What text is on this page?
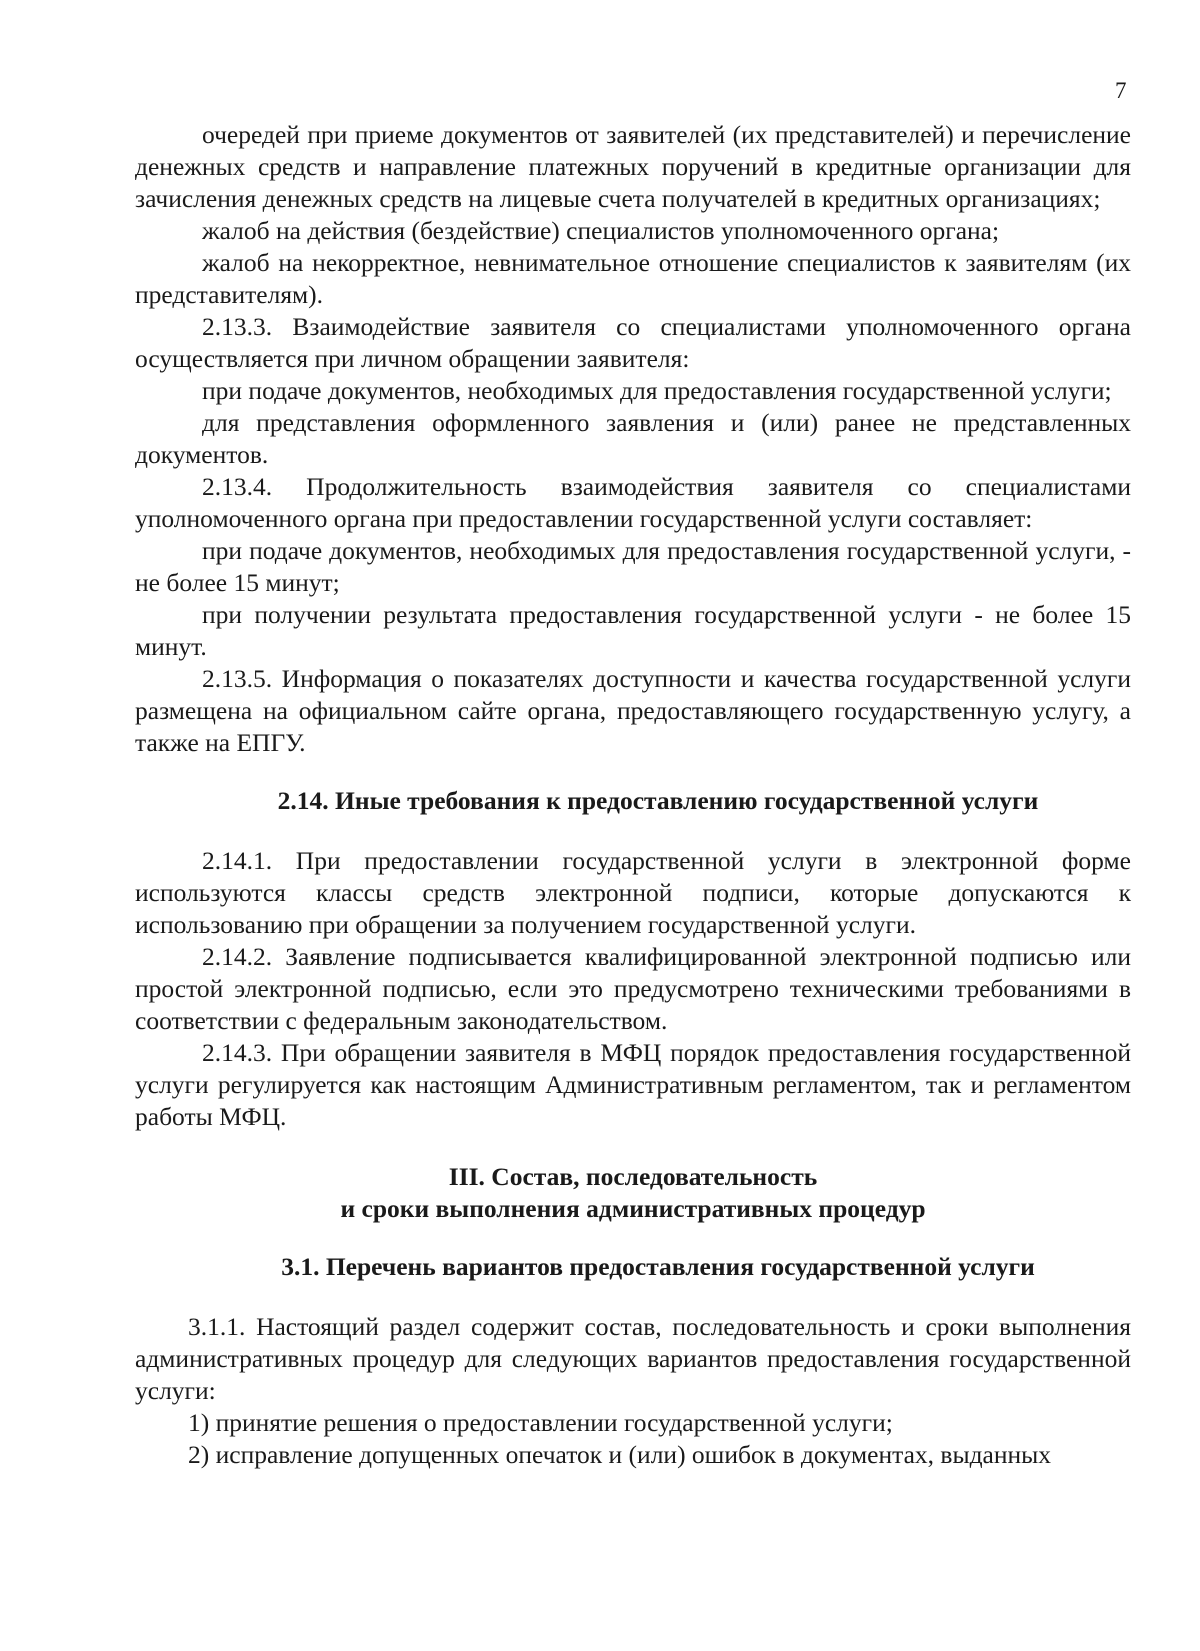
7

очередей при приеме документов от заявителей (их представителей) и перечисление денежных средств и направление платежных поручений в кредитные организации для зачисления денежных средств на лицевые счета получателей в кредитных организациях;

жалоб на действия (бездействие) специалистов уполномоченного органа;

жалоб на некорректное, невнимательное отношение специалистов к заявителям (их представителям).

2.13.3. Взаимодействие заявителя со специалистами уполномоченного органа осуществляется при личном обращении заявителя:

при подаче документов, необходимых для предоставления государственной услуги;

для представления оформленного заявления и (или) ранее не представленных документов.

2.13.4. Продолжительность взаимодействия заявителя со специалистами уполномоченного органа при предоставлении государственной услуги составляет:

при подаче документов, необходимых для предоставления государственной услуги, - не более 15 минут;

при получении результата предоставления государственной услуги - не более 15 минут.

2.13.5. Информация о показателях доступности и качества государственной услуги размещена на официальном сайте органа, предоставляющего государственную услугу, а также на ЕПГУ.

2.14. Иные требования к предоставлению государственной услуги

2.14.1. При предоставлении государственной услуги в электронной форме используются классы средств электронной подписи, которые допускаются к использованию при обращении за получением государственной услуги.

2.14.2. Заявление подписывается квалифицированной электронной подписью или простой электронной подписью, если это предусмотрено техническими требованиями в соответствии с федеральным законодательством.

2.14.3. При обращении заявителя в МФЦ порядок предоставления государственной услуги регулируется как настоящим Административным регламентом, так и регламентом работы МФЦ.

III. Состав, последовательность

и сроки выполнения административных процедур

3.1. Перечень вариантов предоставления государственной услуги

3.1.1. Настоящий раздел содержит состав, последовательность и сроки выполнения административных процедур для следующих вариантов предоставления государственной услуги:

1) принятие решения о предоставлении государственной услуги;

2) исправление допущенных опечаток и (или) ошибок в документах, выданных
